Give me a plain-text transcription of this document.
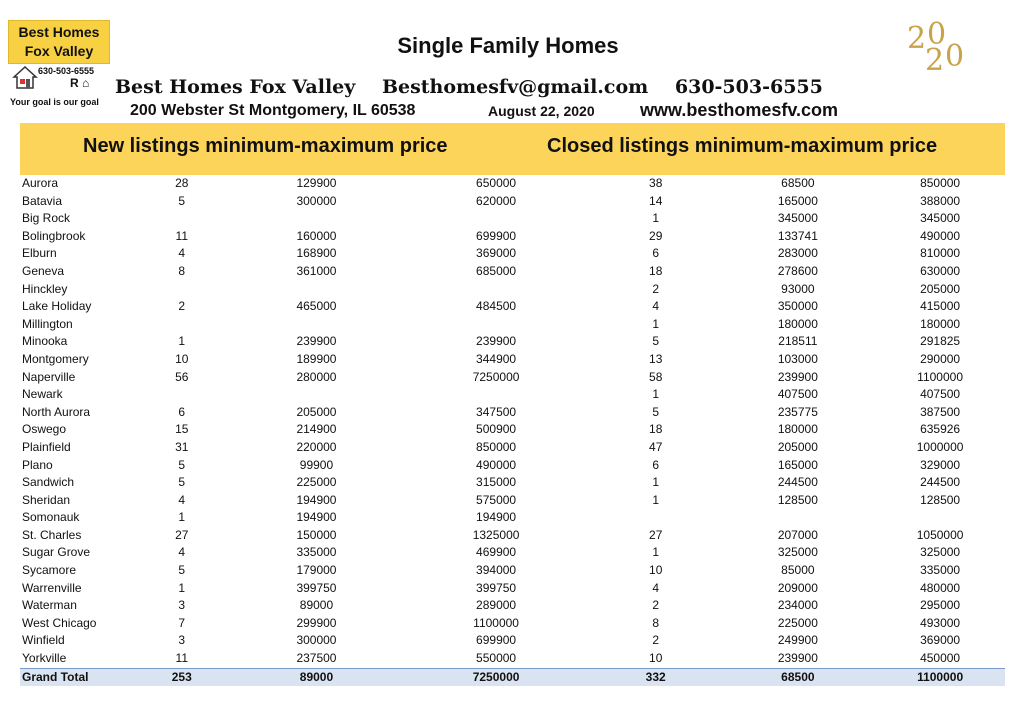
Best Homes
Fox Valley
630-503-6555
R ⌂
Your goal is our goal
Single Family Homes	2 0
2 0
Best Homes Fox Valley Besthomesfv@gmail.com 630-503-6555
200 Webster St Montgomery, IL 60538	August 22, 2020	www.besthomesfv.com
New listings minimum-maximum price	Closed listings minimum-maximum price
Aurora	28	129900	650000	38	68500	850000
Batavia	5	300000	620000	14	165000	388000
Big Rock				1	345000	345000
Bolingbrook	11	160000	699900	29	133741	490000
Elburn	4	168900	369000	6	283000	810000
Geneva	8	361000	685000	18	278600	630000
Hinckley				2	93000	205000
Lake Holiday	2	465000	484500	4	350000	415000
Millington				1	180000	180000
Minooka	1	239900	239900	5	218511	291825
Montgomery	10	189900	344900	13	103000	290000
Naperville	56	280000	7250000	58	239900	1100000
Newark				1	407500	407500
North Aurora	6	205000	347500	5	235775	387500
Oswego	15	214900	500900	18	180000	635926
Plainfield	31	220000	850000	47	205000	1000000
Plano	5	99900	490000	6	165000	329000
Sandwich	5	225000	315000	1	244500	244500
Sheridan	4	194900	575000	1	128500	128500
Somonauk	1	194900	194900			
St. Charles	27	150000	1325000	27	207000	1050000
Sugar Grove	4	335000	469900	1	325000	325000
Sycamore	5	179000	394000	10	85000	335000
Warrenville	1	399750	399750	4	209000	480000
Waterman	3	89000	289000	2	234000	295000
West Chicago	7	299900	1100000	8	225000	493000
Winfield	3	300000	699900	2	249900	369000
Yorkville	11	237500	550000	10	239900	450000
Grand Total	253	89000	7250000	332	68500	1100000
